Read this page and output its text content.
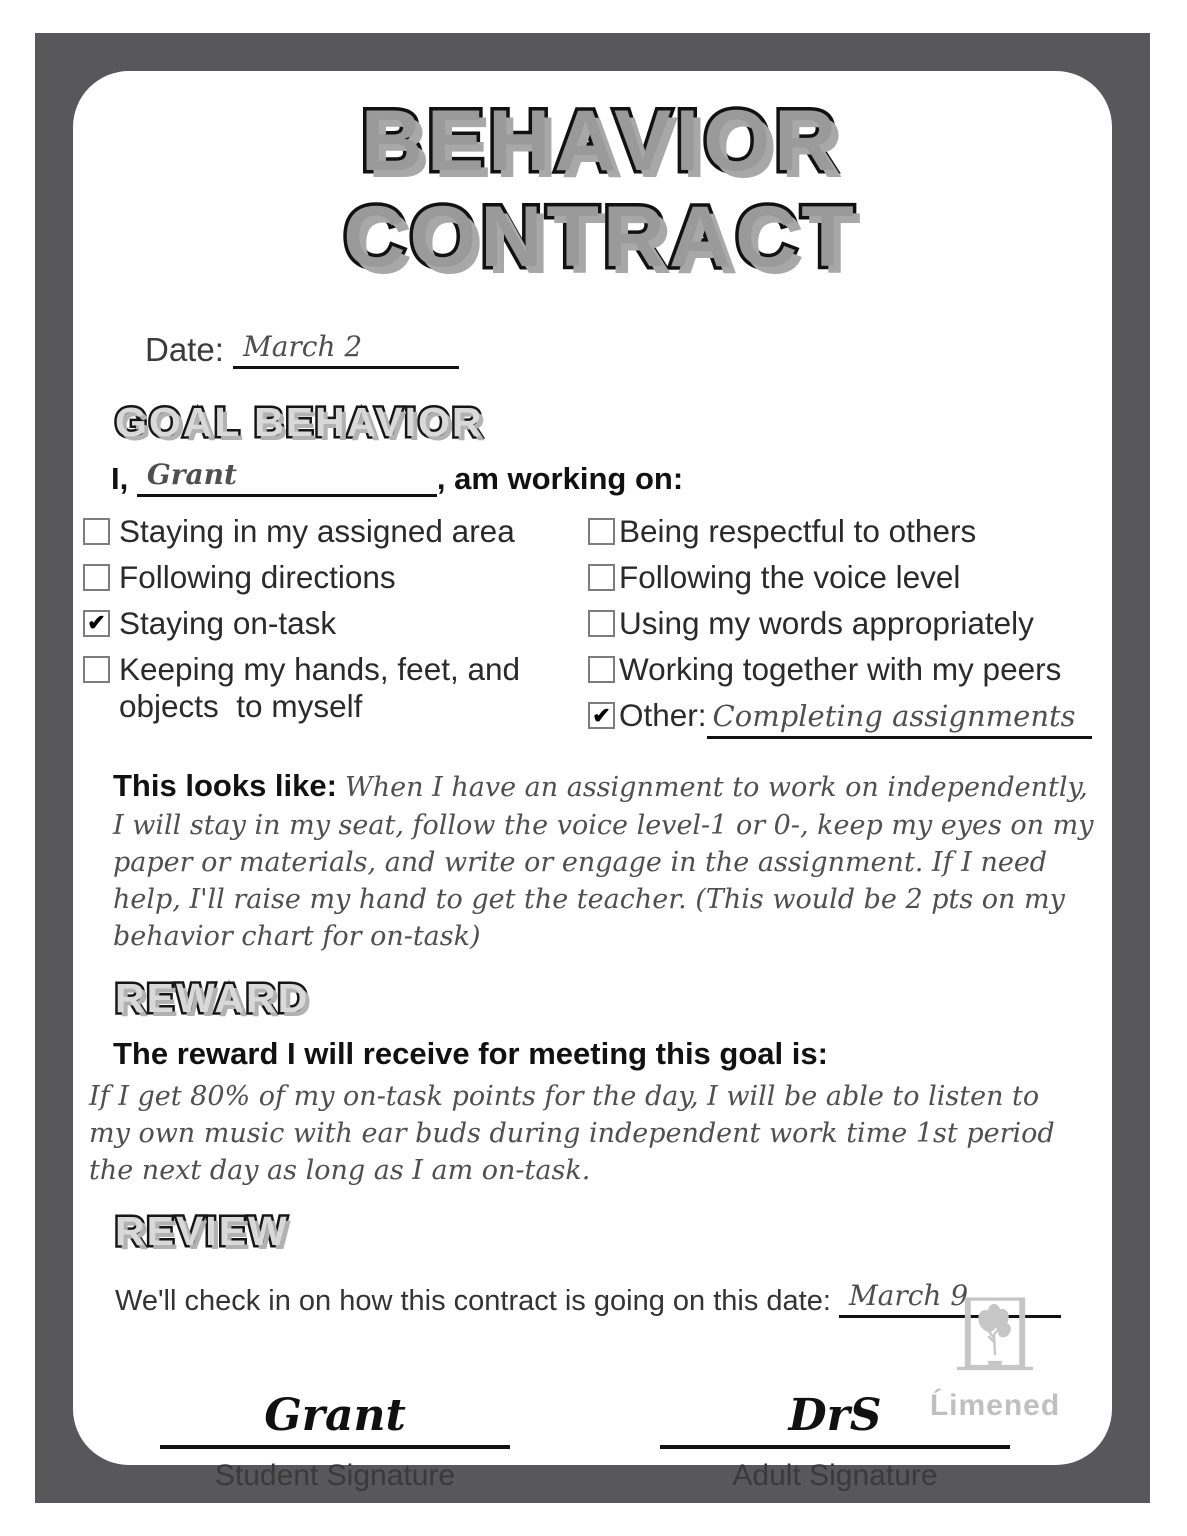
BEHAVIOR
CONTRACT
Date: March 2
GOAL BEHAVIOR
I, Grant	, am working on:
Staying in my assigned area
Following directions
✔ Staying on-task
Keeping my hands, feet, and objects  to myself
Being respectful to others
Following the voice level
Using my words appropriately
Working together with my peers
✔ Other: Completing assignments
This looks like: When I have an assignment to work on independently, I will stay in my seat, follow the voice level-1 or 0-, keep my eyes on my paper or materials, and write or engage in the assignment. If I need help, I'll raise my hand to get the teacher. (This would be 2 pts on my behavior chart for on-task)
REWARD
The reward I will receive for meeting this goal is:
If I get 80% of my on-task points for the day, I will be able to listen to my own music with ear buds during independent work time 1st period the next day as long as I am on-task.
REVIEW
We'll check in on how this contract is going on this date: March 9
Grant
Student Signature
DrS
Adult Signature
Ĺimened
